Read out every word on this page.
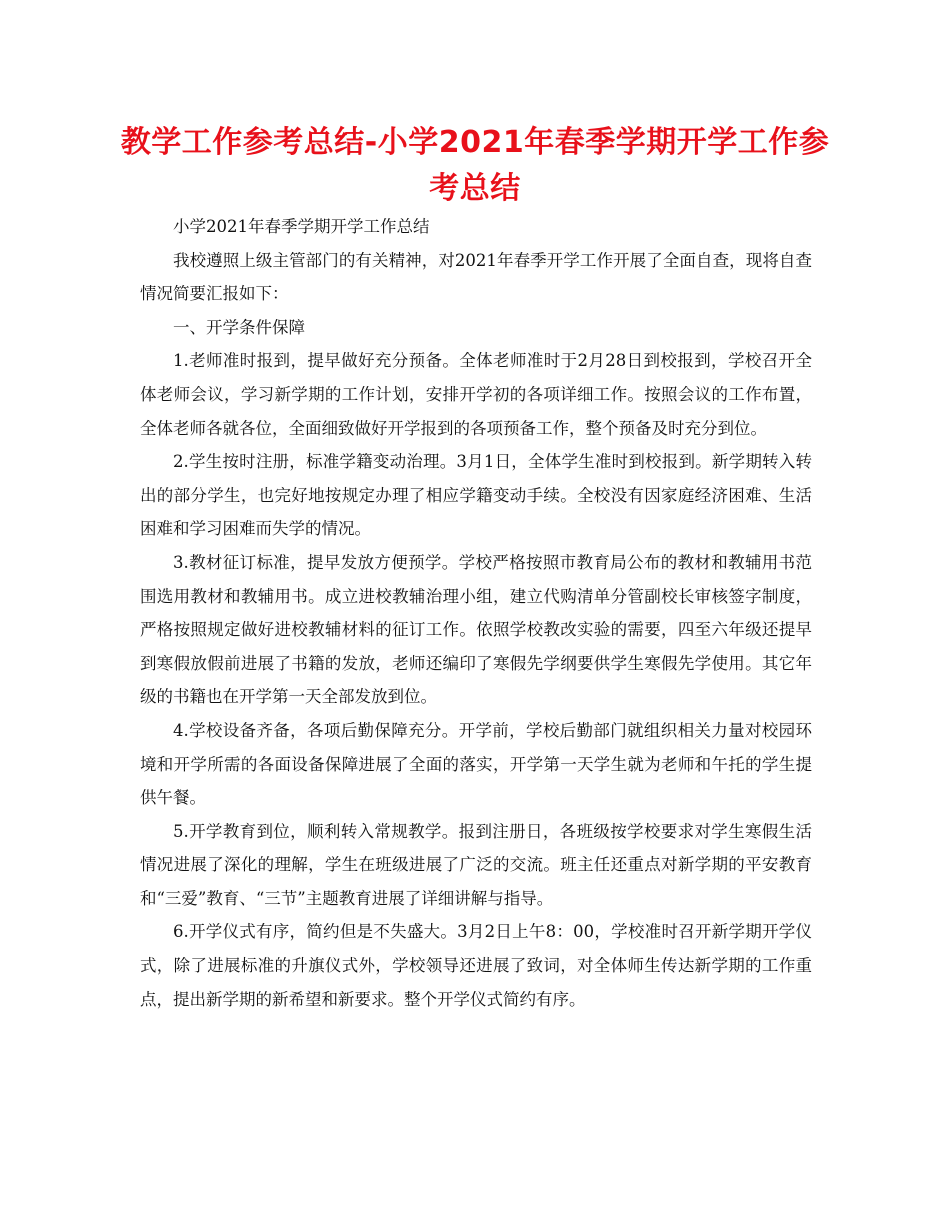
教学工作参考总结-小学2021年春季学期开学工作参考总结

小学2021年春季学期开学工作总结

我校遵照上级主管部门的有关精神，对2021年春季开学工作开展了全面自查，现将自查情况简要汇报如下：

一、开学条件保障

1.老师准时报到，提早做好充分预备。全体老师准时于2月28日到校报到，学校召开全体老师会议，学习新学期的工作计划，安排开学初的各项详细工作。按照会议的工作布置，全体老师各就各位，全面细致做好开学报到的各项预备工作，整个预备及时充分到位。

2.学生按时注册，标准学籍变动治理。3月1日，全体学生准时到校报到。新学期转入转出的部分学生，也完好地按规定办理了相应学籍变动手续。全校没有因家庭经济困难、生活困难和学习困难而失学的情况。

3.教材征订标准，提早发放方便预学。学校严格按照市教育局公布的教材和教辅用书范围选用教材和教辅用书。成立进校教辅治理小组，建立代购清单分管副校长审核签字制度，严格按照规定做好进校教辅材料的征订工作。依照学校教改实验的需要，四至六年级还提早到寒假放假前进展了书籍的发放，老师还编印了寒假先学纲要供学生寒假先学使用。其它年级的书籍也在开学第一天全部发放到位。

4.学校设备齐备，各项后勤保障充分。开学前，学校后勤部门就组织相关力量对校园环境和开学所需的各面设备保障进展了全面的落实，开学第一天学生就为老师和午托的学生提供午餐。

5.开学教育到位，顺利转入常规教学。报到注册日，各班级按学校要求对学生寒假生活情况进展了深化的理解，学生在班级进展了广泛的交流。班主任还重点对新学期的平安教育和“三爱”教育、“三节”主题教育进展了详细讲解与指导。

6.开学仪式有序，简约但是不失盛大。3月2日上午8：00，学校准时召开新学期开学仪式，除了进展标准的升旗仪式外，学校领导还进展了致词，对全体师生传达新学期的工作重点，提出新学期的新希望和新要求。整个开学仪式简约有序。
